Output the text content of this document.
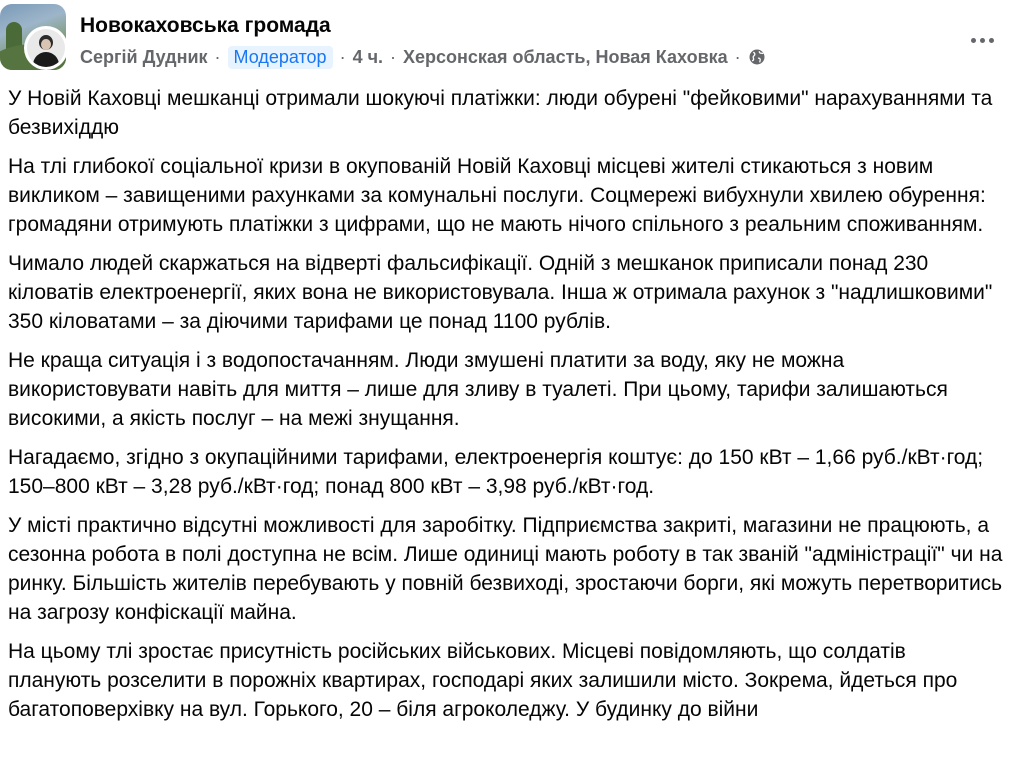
Новокаховська громада
Сергій Дудник · Модератор · 4 ч. · Херсонская область, Новая Каховка ·

У Новій Каховці мешканці отримали шокуючі платіжки: люди обурені "фейковими" нарахуваннями та безвихіддю

На тлі глибокої соціальної кризи в окупованій Новій Каховці місцеві жителі стикаються з новим викликом – завищеними рахунками за комунальні послуги. Соцмережі вибухнули хвилею обурення: громадяни отримують платіжки з цифрами, що не мають нічого спільного з реальним споживанням.

Чимало людей скаржаться на відверті фальсифікації. Одній з мешканок приписали понад 230 кіловатів електроенергії, яких вона не використовувала. Інша ж отримала рахунок з "надлишковими" 350 кіловатами – за діючими тарифами це понад 1100 рублів.

Не краща ситуація і з водопостачанням. Люди змушені платити за воду, яку не можна використовувати навіть для миття – лише для зливу в туалеті. При цьому, тарифи залишаються високими, а якість послуг – на межі знущання.

Нагадаємо, згідно з окупаційними тарифами, електроенергія коштує: до 150 кВт – 1,66 руб./кВт·год; 150–800 кВт – 3,28 руб./кВт·год; понад 800 кВт – 3,98 руб./кВт·год.

У місті практично відсутні можливості для заробітку. Підприємства закриті, магазини не працюють, а сезонна робота в полі доступна не всім. Лише одиниці мають роботу в так званій "адміністрації" чи на ринку. Більшість жителів перебувають у повній безвиході, зростаючи борги, які можуть перетворитись на загрозу конфіскації майна.

На цьому тлі зростає присутність російських військових. Місцеві повідомляють, що солдатів планують розселити в порожніх квартирах, господарі яких залишили місто. Зокрема, йдеться про багатоповерхівку на вул. Горького, 20 – біля агроколеджу. У будинку до війни
